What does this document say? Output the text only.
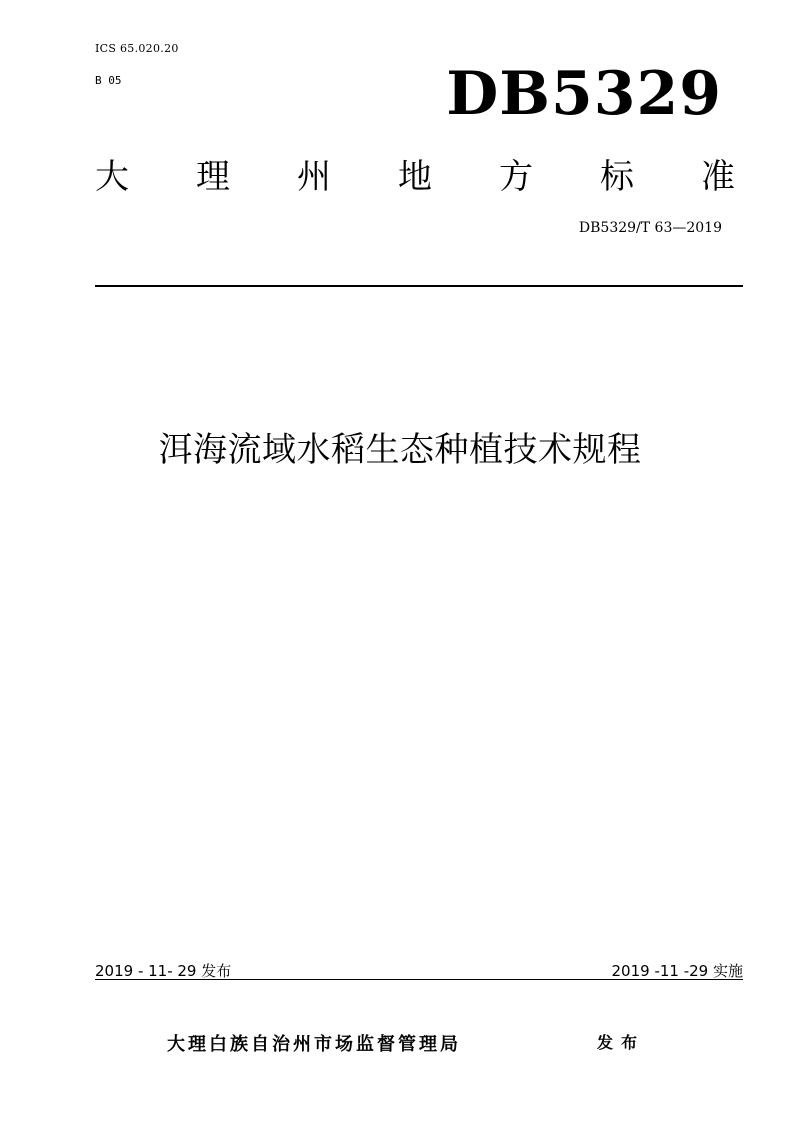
ICS 65.020.20
B 05	DB5329
大 理 州 地 方 标 准
DB5329/T 63—2019
洱海流域水稻生态种植技术规程
2019 - 11- 29 发布	2019 -11 -29 实施
大理白族自治州市场监督管理局	发布
